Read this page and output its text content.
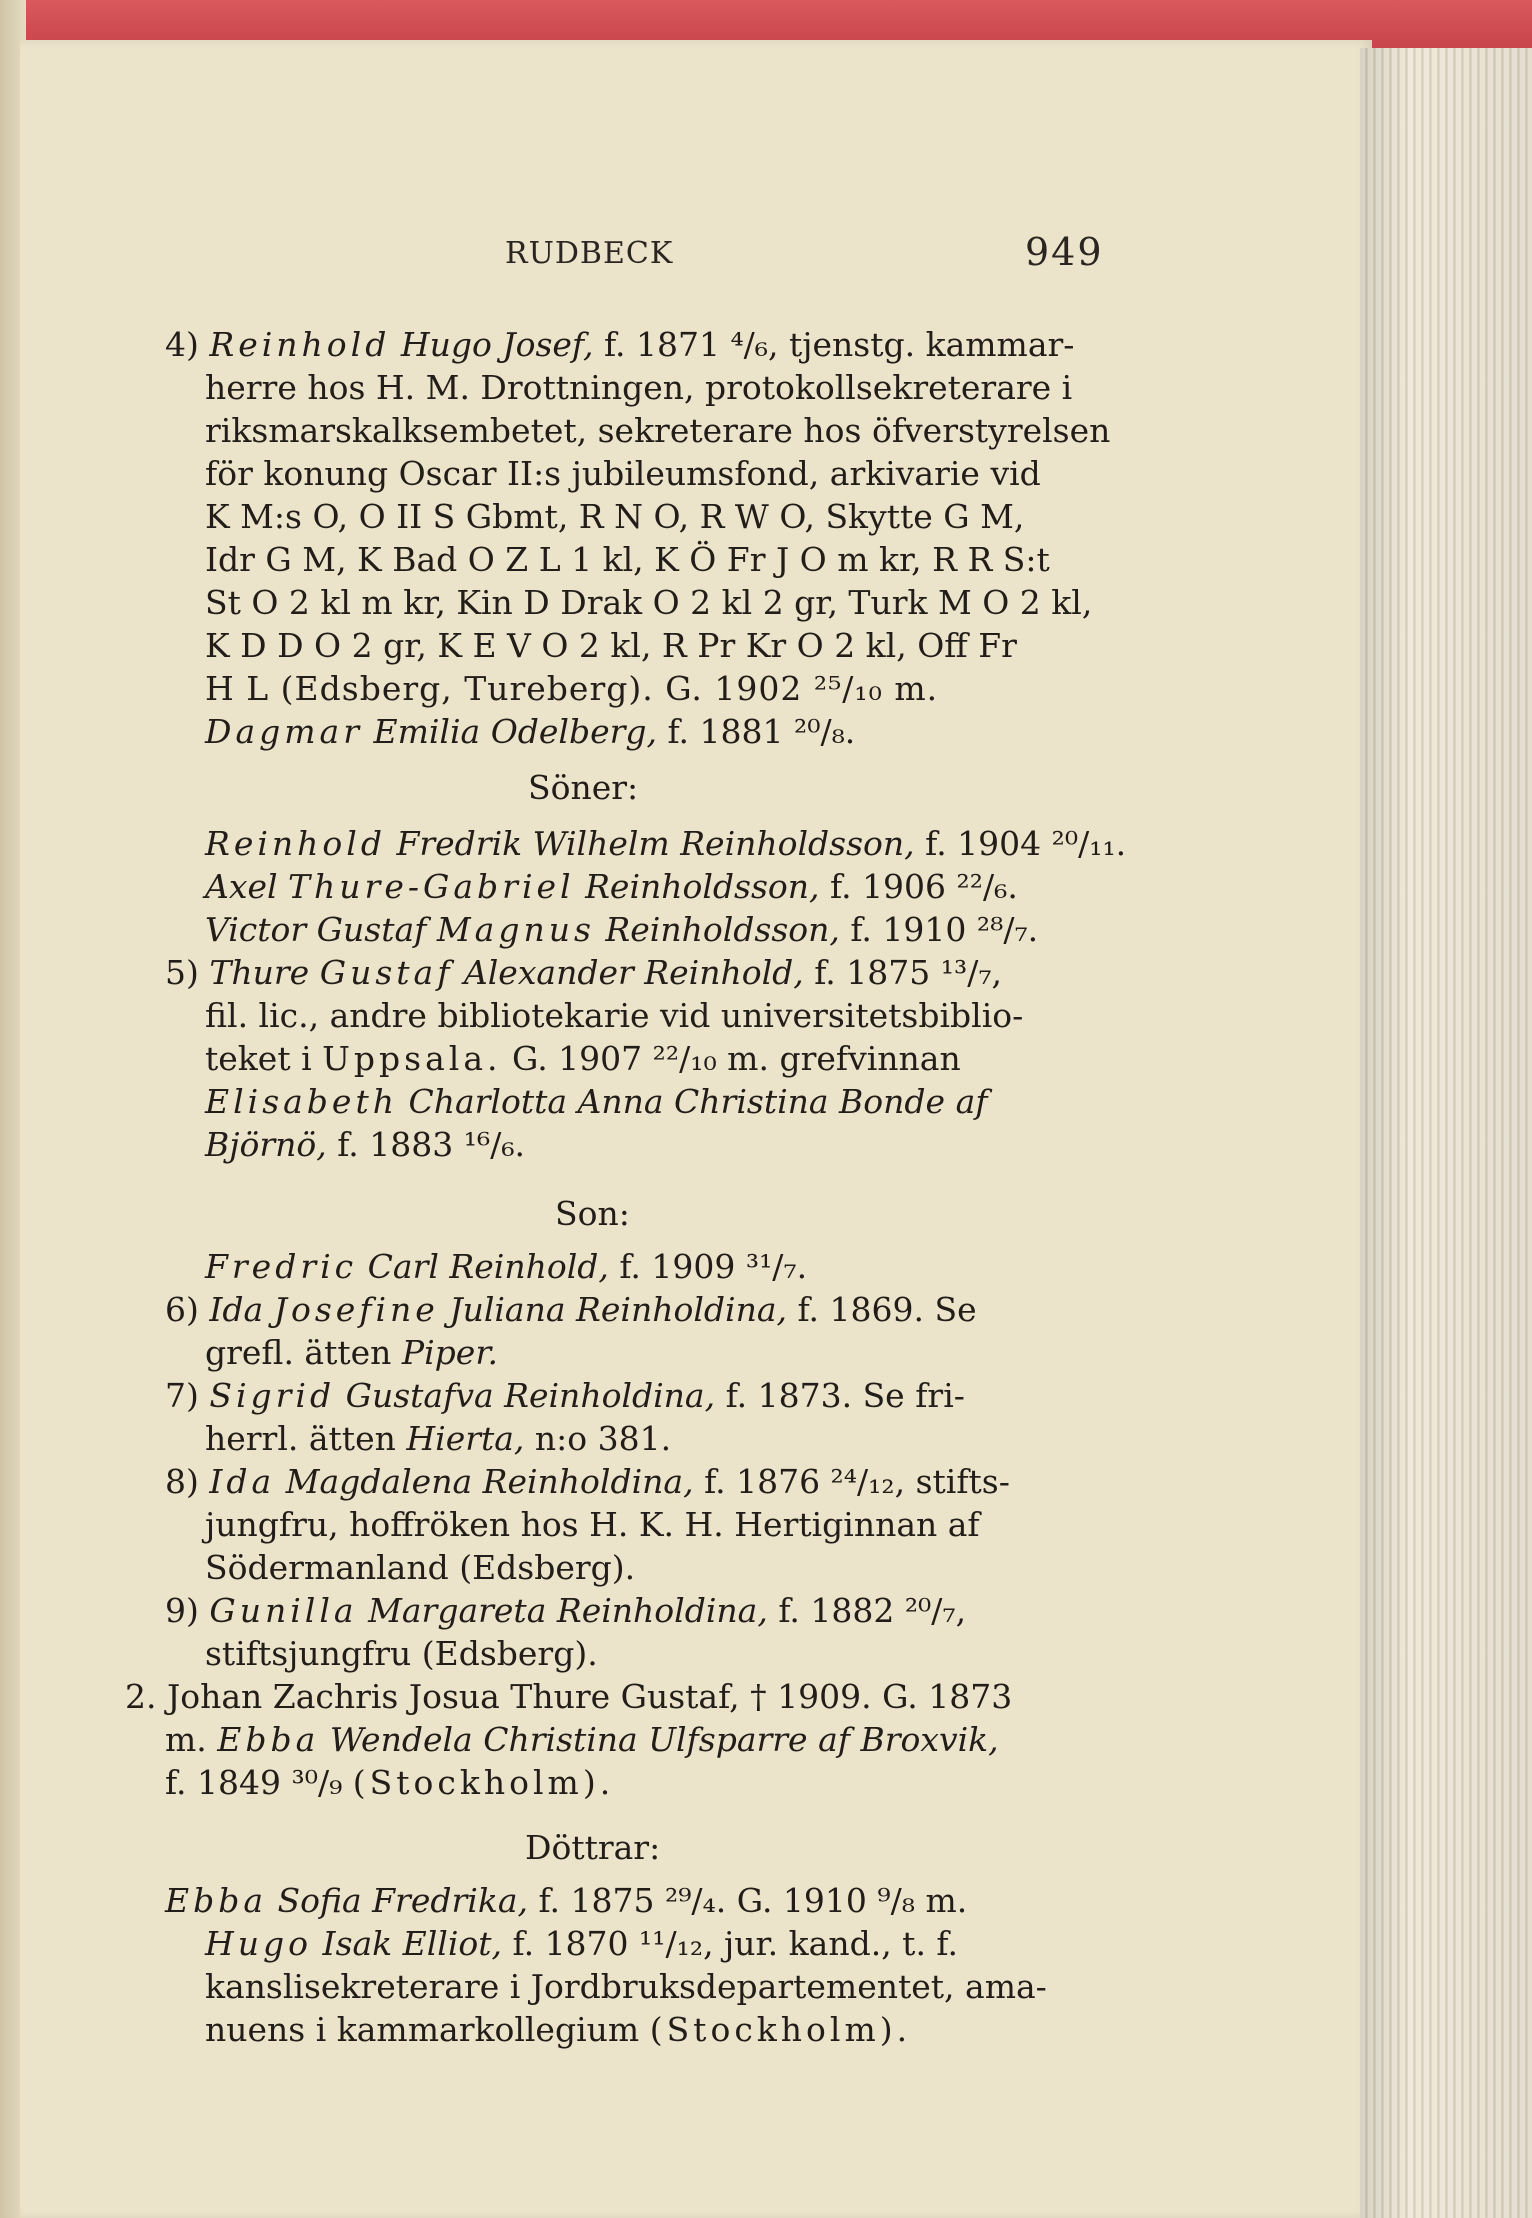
RUDBECK	949
4) Reinhold Hugo Josef, f. 1871 ⁴/₆, tjenstg. kammar-
herre hos H. M. Drottningen, protokollsekreterare i
riksmarskalksembetet, sekreterare hos öfverstyrelsen
för konung Oscar II:s jubileumsfond, arkivarie vid
K M:s O, O II S Gbmt, R N O, R W O, Skytte G M,
Idr G M, K Bad O Z L 1 kl, K Ö Fr J O m kr, R R S:t
St O 2 kl m kr, Kin D Drak O 2 kl 2 gr, Turk M O 2 kl,
K D D O 2 gr, K E V O 2 kl, R Pr Kr O 2 kl, Off Fr
H L (Edsberg, Tureberg). G. 1902 ²⁵/₁₀ m.
Dagmar Emilia Odelberg, f. 1881 ²⁰/₈.
Söner:
Reinhold Fredrik Wilhelm Reinholdsson, f. 1904 ²⁰/₁₁.
Axel Thure-Gabriel Reinholdsson, f. 1906 ²²/₆.
Victor Gustaf Magnus Reinholdsson, f. 1910 ²⁸/₇.
5) Thure Gustaf Alexander Reinhold, f. 1875 ¹³/₇,
fil. lic., andre bibliotekarie vid universitetsbiblio-
teket i Uppsala. G. 1907 ²²/₁₀ m. grefvinnan
Elisabeth Charlotta Anna Christina Bonde af
Björnö, f. 1883 ¹⁶/₆.
Son:
Fredric Carl Reinhold, f. 1909 ³¹/₇.
6) Ida Josefine Juliana Reinholdina, f. 1869. Se
grefl. ätten Piper.
7) Sigrid Gustafva Reinholdina, f. 1873. Se fri-
herrl. ätten Hierta, n:o 381.
8) Ida Magdalena Reinholdina, f. 1876 ²⁴/₁₂, stifts-
jungfru, hoffröken hos H. K. H. Hertiginnan af
Södermanland (Edsberg).
9) Gunilla Margareta Reinholdina, f. 1882 ²⁰/₇,
stiftsjungfru (Edsberg).
2. Johan Zachris Josua Thure Gustaf, † 1909. G. 1873
m. Ebba Wendela Christina Ulfsparre af Broxvik,
f. 1849 ³⁰/₉ (Stockholm).
Döttrar:
Ebba Sofia Fredrika, f. 1875 ²⁹/₄. G. 1910 ⁹/₈ m.
Hugo Isak Elliot, f. 1870 ¹¹/₁₂, jur. kand., t. f.
kanslisekreterare i Jordbruksdepartementet, ama-
nuens i kammarkollegium (Stockholm).
